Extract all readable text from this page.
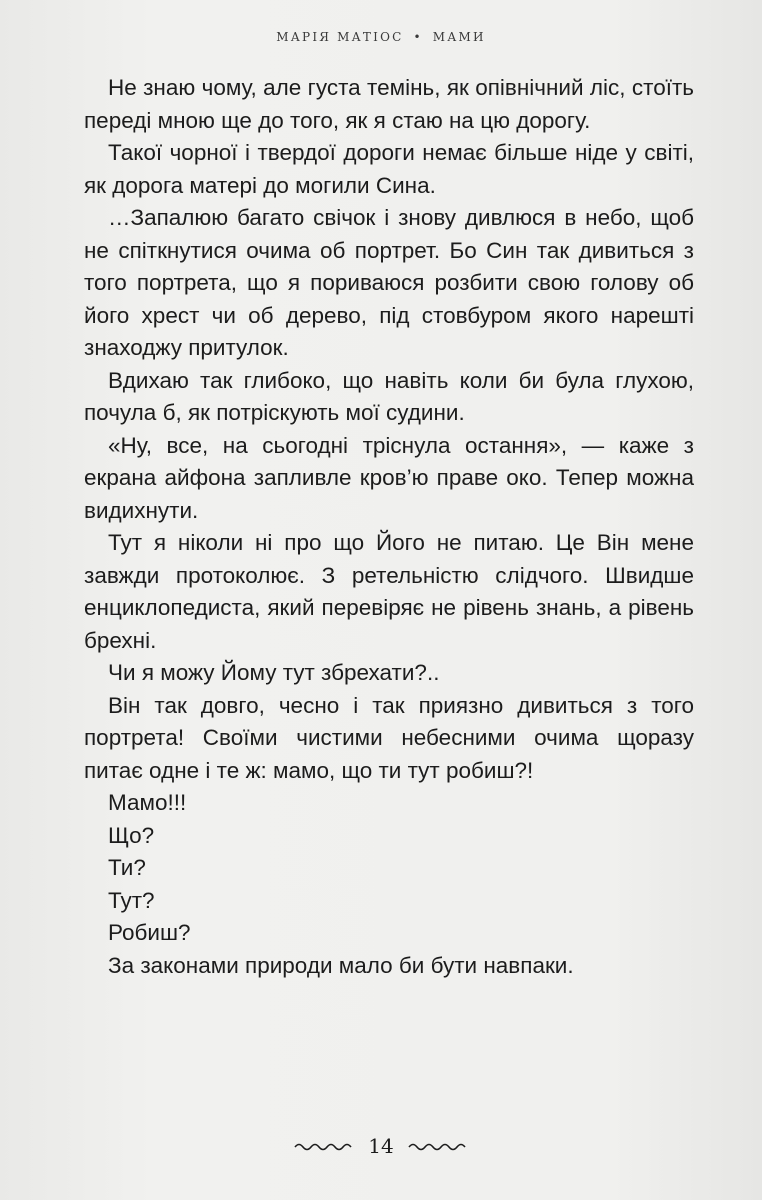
МАРІЯ МАТІОС • МАМИ

Не знаю чому, але густа темінь, як опівнічний ліс, стоїть переді мною ще до того, як я стаю на цю дорогу.

Такої чорної і твердої дороги немає більше ніде у світі, як дорога матері до могили Сина.

…Запалюю багато свічок і знову дивлюся в небо, щоб не спіткнутися очима об портрет. Бо Син так дивиться з того портрета, що я пориваюся розбити свою голову об його хрест чи об дерево, під стовбуром якого нарешті знаходжу притулок.

Вдихаю так глибоко, що навіть коли би була глухою, почула б, як потріскують мої судини.

«Ну, все, на сьогодні тріснула остання», — каже з екрана айфона запливле кров’ю праве око. Тепер можна видихнути.

Тут я ніколи ні про що Його не питаю. Це Він мене завжди протоколює. З ретельністю слідчого. Швидше енциклопедиста, який перевіряє не рівень знань, а рівень брехні.

Чи я можу Йому тут збрехати?..

Він так довго, чесно і так приязно дивиться з того портрета! Своїми чистими небесними очима щоразу питає одне і те ж: мамо, що ти тут робиш?!

Мамо!!!

Що?

Ти?

Тут?

Робиш?

За законами природи мало би бути навпаки.

14
